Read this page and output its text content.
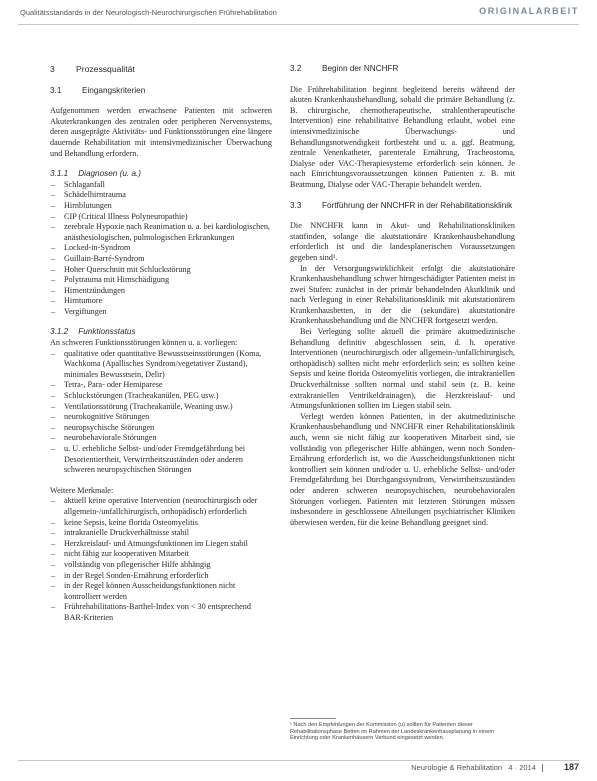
Qualitätsstandards in der Neurologisch-Neurochirurgischen Frührehabilitation	ORIGINALARBEIT
3	Prozessqualität
3.1	Eingangskriterien

Aufgenommen werden erwachsene Patienten mit schweren Akuterkrankungen des zentralen oder peripheren Nervensystems, deren ausgeprägte Aktivitäts- und Funktionsstörungen eine längere dauernde Rehabilitation mit intensivmedizinischer Überwachung und Behandlung erfordern.

3.1.1 Diagnosen (u. a.)
– Schlaganfall
– Schädelhirntrauma
– Hirnblutungen
– CIP (Critical Illness Polyneuropathie)
– zerebrale Hypoxie nach Reanimation u. a. bei kardiologischen, anästhesiologischen, pulmologischen Erkrankungen
– Locked-in-Syndrom
– Guillain-Barré-Syndrom
– Hoher Querschnitt mit Schluckstörung
– Polytrauma mit Hirnschädigung
– Hirnentzündungen
– Hirntumore
– Vergiftungen
3.1.2 Funktionsstatus

An schweren Funktionsstörungen können u. a. vorliegen:

– qualitative oder quantitative Bewusstseinsstörungen (Koma, Wachkoma (Apallisches Syndrom/vegetativer Zustand), minimales Bewusstsein, Delir)
– Tetra-, Para- oder Hemiparese
– Schluckstörungen (Tracheakanülen, PEG usw.)
– Ventilationsstörung (Tracheakanüle, Weaning usw.)
– neurokognitive Störungen
– neuropsychische Störungen
– neurobehaviorale Störungen
– u. U. erhebliche Selbst- und/oder Fremdgefährdung bei Desorientiertheit, Verwirrtheitszuständen oder anderen schweren neuropsychischen Störungen

Weitere Merkmale:

– aktuell keine operative Intervention (neurochirurgisch oder allgemein-/unfallchirurgisch, orthopädisch) erforderlich
– keine Sepsis, keine florida Osteomyelitis
– intrakranielle Druckverhältnisse stabil
– Herzkreislauf- und Atmungsfunktionen im Liegen stabil
– nicht fähig zur kooperativen Mitarbeit
– vollständig von pflegerischer Hilfe abhängig
– in der Regel Sonden-Ernährung erforderlich
– in der Regel können Ausscheidungsfunktionen nicht kontrolliert werden
– Frührehabilitations-Barthel-Index von < 30 entsprechend BAR-Kriterien
3.2	Beginn der NNCHFR

Die Frührehabilitation beginnt begleitend bereits während der akuten Krankenhausbehandlung, sobald die primäre Behandlung (z. B. chirurgische, chemotherapeutische, strahlentherapeutische Intervention) eine rehabilitative Behandlung erlaubt, wobei eine intensivmedizinische Überwachungs- und Behandlungsnotwendigkeit fortbesteht und u. a. ggf. Beatmung, zentrale Venenkatheter, parenterale Ernährung, Tracheostoma, Dialyse oder VAC-Therapiesysteme erforderlich sein können. Je nach Einrichtungsvoraussetzungen können Patienten z. B. mit Beatmung, Dialyse oder VAC-Therapie behandelt werden.

3.3	Fortführung der NNCHFR in der Rehabilitationsklinik

Die NNCHFR kann in Akut- und Rehabilitationskliniken stattfinden, solange die akutstationäre Krankenhausbehandlung erforderlich ist und die landesplanerischen Voraussetzungen gegeben sind¹.

In der Versorgungswirklichkeit erfolgt die akutstationäre Krankenhausbehandlung schwer hirngeschädigter Patienten meist in zwei Stufen: zunächst in der primär behandelnden Akutklinik und nach Verlegung in einer Rehabilitationsklinik mit akutstationärem Krankenhausbetten, in der die (sekundäre) akutstationäre Krankenhausbehandlung und die NNCHFR fortgesetzt werden.

Bei Verlegung sollte aktuell die primäre akutmedizinische Behandlung definitiv abgeschlossen sein, d. h. operative Interventionen (neurochirurgisch oder allgemein-/unfallchirurgisch, orthopädisch) sollten nicht mehr erforderlich sein; es sollten keine Sepsis und keine florida Osteomyelitis vorliegen, die intrakraniellen Druckverhältnisse sollten normal und stabil sein (z. B. keine extrakraniellen Ventrikeldrainagen), die Herzkreislauf- und Atmungsfunktionen sollten im Liegen stabil sein.

Verlegt werden können Patienten, in der akutmedizinische Krankenhausbehandlung und NNCHFR einer Rehabilitationsklinik auch, wenn sie nicht fähig zur kooperativen Mitarbeit sind, sie vollständig von pflegerischer Hilfe abhängen, wenn noch Sonden-Ernährung erforderlich ist, wo die Ausscheidungsfunktionen nicht kontrolliert sein können und/oder u. U. erhebliche Selbst- und/oder Fremdgefährdung bei Durchgangssyndrom, Verwirrtheitszuständen oder anderen schweren neuropsychischen, neurobehavioralen Störungen vorliegen. Patienten mit letzteren Störungen müssen insbesondere in geschlossene Abteilungen psychiatrischer Kliniken überwiesen werden, für die keine Behandlung geeignet sind.

¹ Nach den Empfehlungen der Kommission (u) sollten für Patienten dieser Rehabilitationsphase Betten im Rahmen der Landeskrankenhausplanung in einem Einrichtung oder Krankenhäusern Verbund eingesetzt werden.
Neurologie & Rehabilitation 4 · 2014	187
